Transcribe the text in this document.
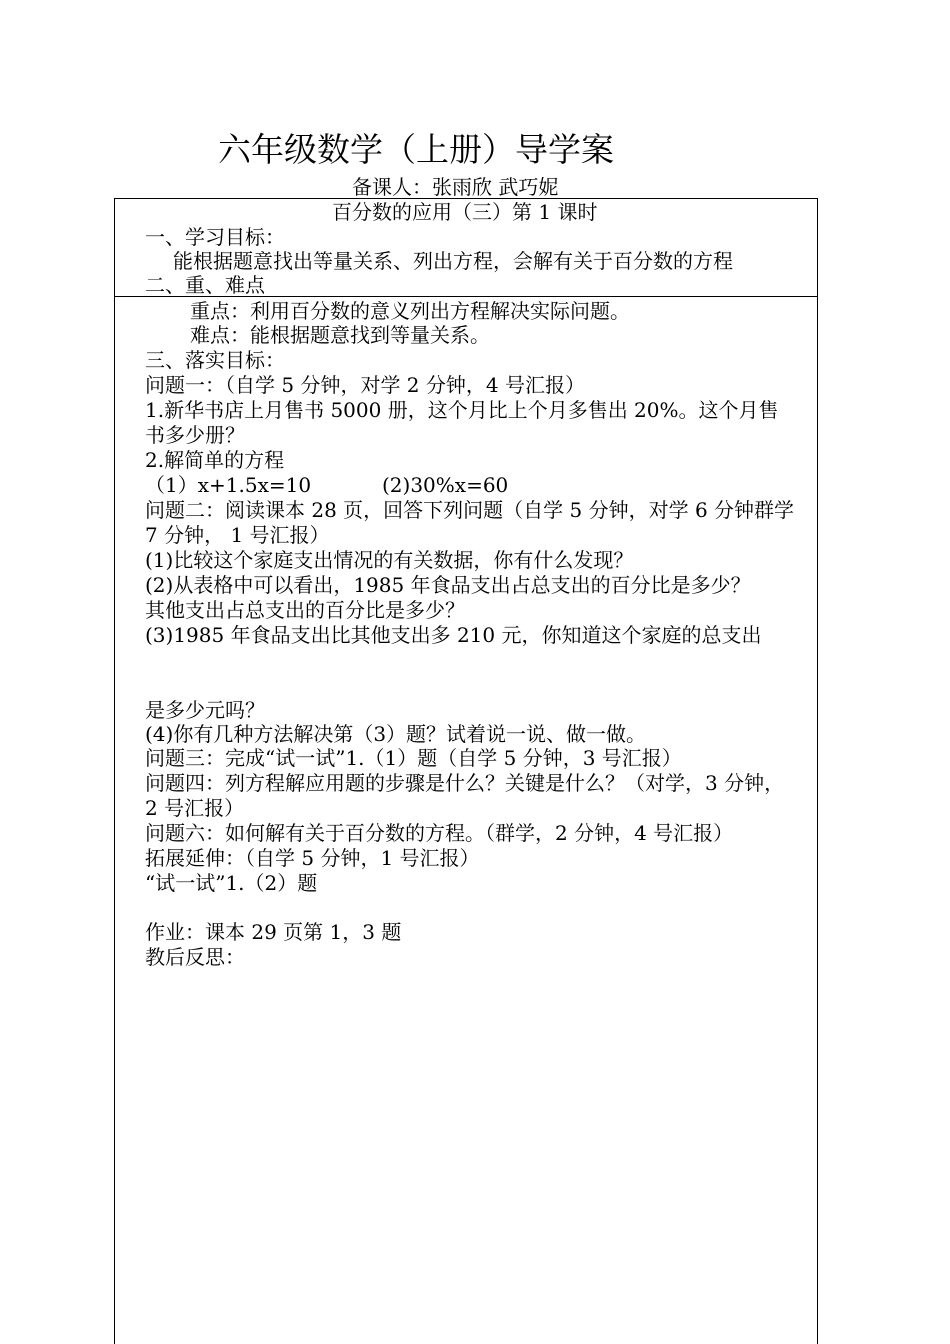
六年级数学（上册）导学案
备课人：张雨欣 武巧妮
百分数的应用（三）第 1 课时
一、学习目标：
能根据题意找出等量关系、列出方程，会解有关于百分数的方程
二、重、难点
重点：利用百分数的意义列出方程解决实际问题。
难点：能根据题意找到等量关系。
三、落实目标：
问题一：（自学 5 分钟，对学 2 分钟，4 号汇报）
1.新华书店上月售书 5000 册，这个月比上个月多售出 20%。这个月售
书多少册？
2.解简单的方程
（1）x+1.5x=10	(2)30%x=60
问题二：阅读课本 28 页，回答下列问题（自学 5 分钟，对学 6 分钟群学
7 分钟， 1 号汇报）
(1)比较这个家庭支出情况的有关数据，你有什么发现？
(2)从表格中可以看出，1985 年食品支出占总支出的百分比是多少？
其他支出占总支出的百分比是多少？
(3)1985 年食品支出比其他支出多 210 元，你知道这个家庭的总支出
是多少元吗？
(4)你有几种方法解决第（3）题？试着说一说、做一做。
问题三：完成“试一试”1.（1）题（自学 5 分钟，3 号汇报）
问题四：列方程解应用题的步骤是什么？关键是什么？（对学，3 分钟，
2 号汇报）
问题六：如何解有关于百分数的方程。（群学，2 分钟，4 号汇报）
拓展延伸：（自学 5 分钟，1 号汇报）
“试一试”1.（2）题
作业：课本 29 页第 1，3 题
教后反思：
